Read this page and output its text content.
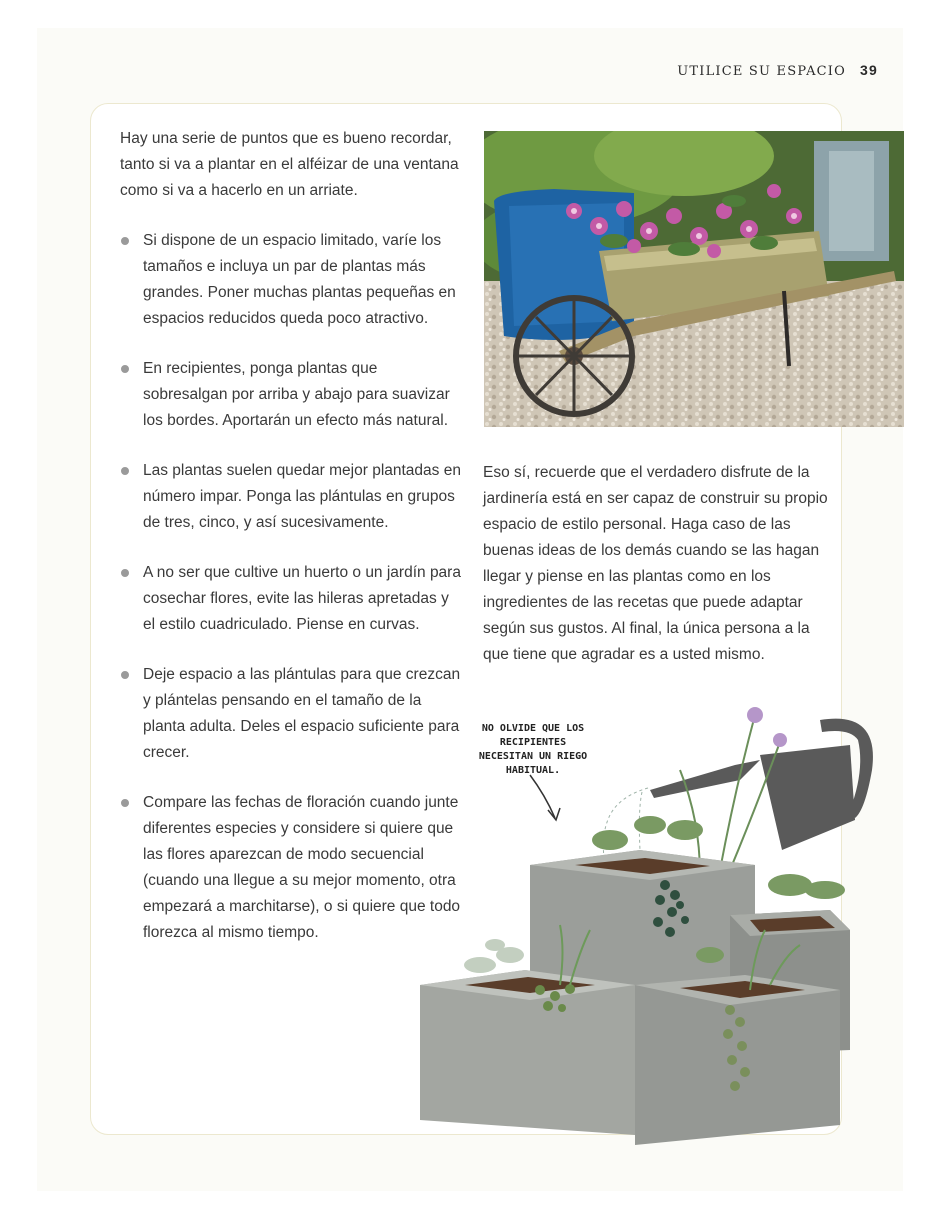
UTILICE SU ESPACIO 39

Hay una serie de puntos que es bueno recordar, tanto si va a plantar en el alféizar de una ventana como si va a hacerlo en un arriate.

Si dispone de un espacio limitado, varíe los tamaños e incluya un par de plantas más grandes. Poner muchas plantas pequeñas en espacios reducidos queda poco atractivo.
En recipientes, ponga plantas que sobresalgan por arriba y abajo para suavizar los bordes. Aportarán un efecto más natural.
Las plantas suelen quedar mejor plantadas en número impar. Ponga las plántulas en grupos de tres, cinco, y así sucesivamente.
A no ser que cultive un huerto o un jardín para cosechar flores, evite las hileras apretadas y el estilo cuadriculado. Piense en curvas.
Deje espacio a las plántulas para que crezcan y plántelas pensando en el tamaño de la planta adulta. Deles el espacio suficiente para crecer.
Compare las fechas de floración cuando junte diferentes especies y considere si quiere que las flores aparezcan de modo secuencial (cuando una llegue a su mejor momento, otra empezará a marchitarse), o si quiere que todo florezca al mismo tiempo.

Eso sí, recuerde que el verdadero disfrute de la jardinería está en ser capaz de construir su propio espacio de estilo personal. Haga caso de las buenas ideas de los demás cuando se las hagan llegar y piense en las plantas como en los ingredientes de las recetas que puede adaptar según sus gustos. Al final, la única persona a la que tiene que agradar es a usted mismo.

NO OLVIDE QUE LOS RECIPIENTES NECESITAN UN RIEGO HABITUAL.
